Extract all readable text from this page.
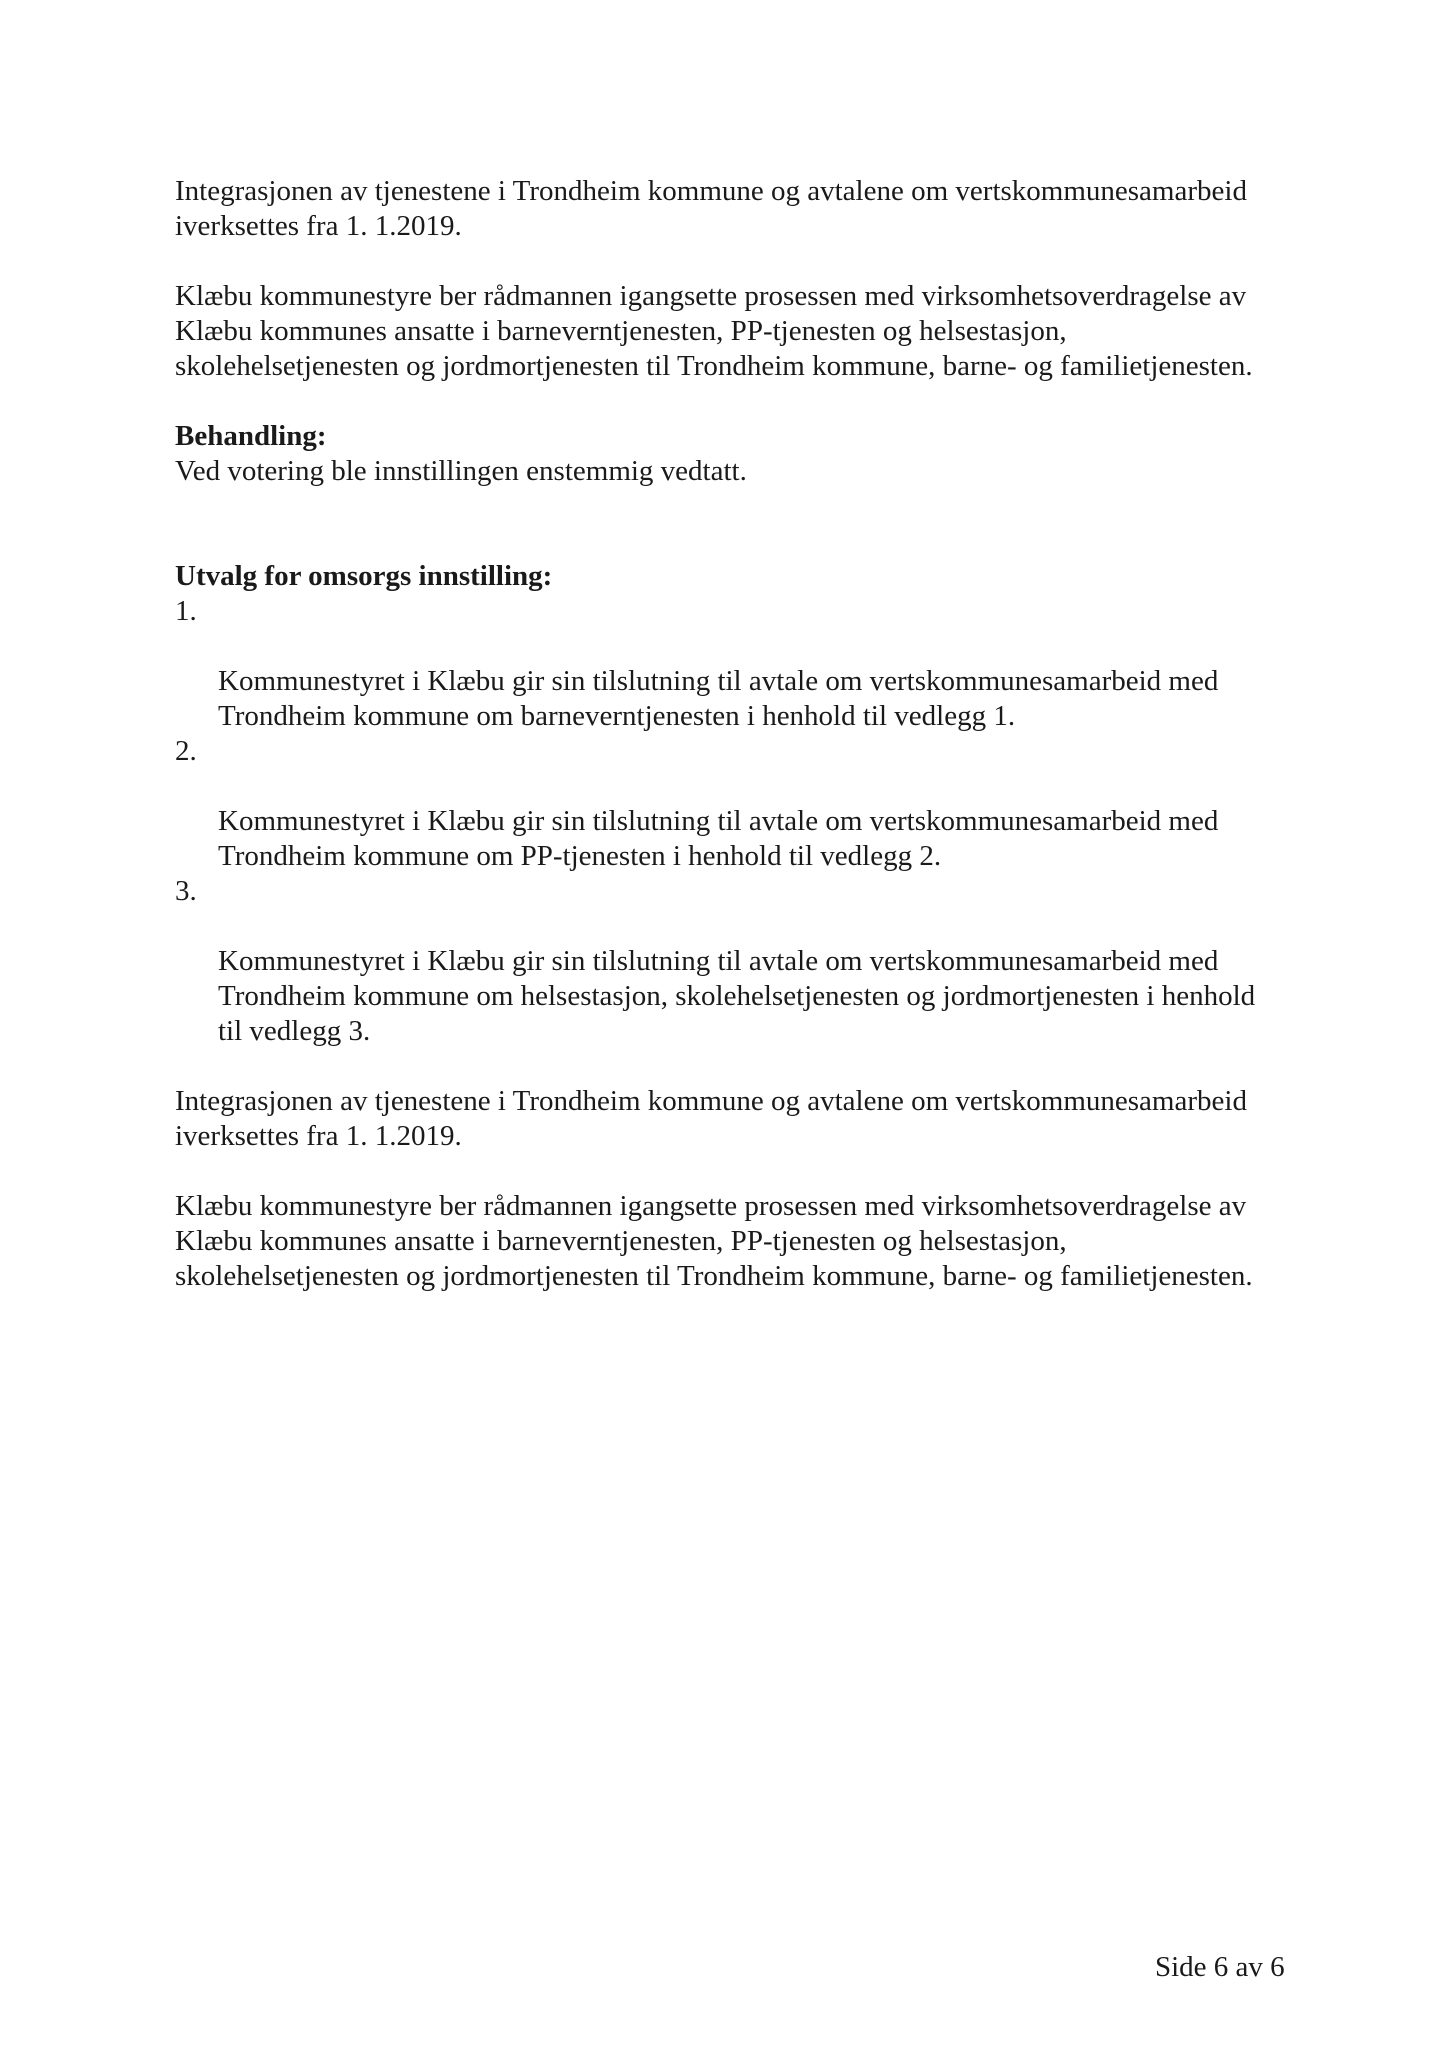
Integrasjonen av tjenestene i Trondheim kommune og avtalene om vertskommunesamarbeid
iverksettes fra 1. 1.2019.

Klæbu kommunestyre ber rådmannen igangsette prosessen med virksomhetsoverdragelse av
Klæbu kommunes ansatte i barneverntjenesten, PP-tjenesten og helsestasjon,
skolehelsetjenesten og jordmortjenesten til Trondheim kommune, barne- og familietjenesten.

Behandling:

Ved votering ble innstillingen enstemmig vedtatt.

Utvalg for omsorgs innstilling:

1.

Kommunestyret i Klæbu gir sin tilslutning til avtale om vertskommunesamarbeid med
Trondheim kommune om barneverntjenesten i henhold til vedlegg 1.

2.

Kommunestyret i Klæbu gir sin tilslutning til avtale om vertskommunesamarbeid med
Trondheim kommune om PP-tjenesten i henhold til vedlegg 2.

3.

Kommunestyret i Klæbu gir sin tilslutning til avtale om vertskommunesamarbeid med
Trondheim kommune om helsestasjon, skolehelsetjenesten og jordmortjenesten i henhold
til vedlegg 3.

Integrasjonen av tjenestene i Trondheim kommune og avtalene om vertskommunesamarbeid
iverksettes fra 1. 1.2019.

Klæbu kommunestyre ber rådmannen igangsette prosessen med virksomhetsoverdragelse av
Klæbu kommunes ansatte i barneverntjenesten, PP-tjenesten og helsestasjon,
skolehelsetjenesten og jordmortjenesten til Trondheim kommune, barne- og familietjenesten.

Side 6 av 6
